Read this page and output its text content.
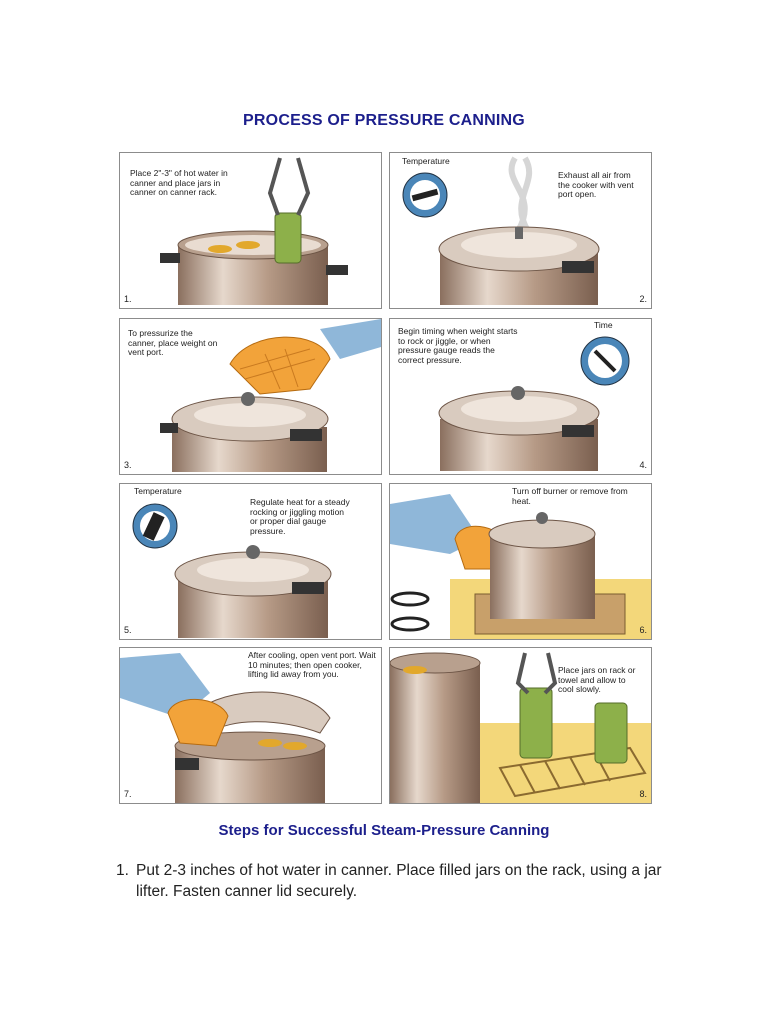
PROCESS OF PRESSURE CANNING
Place 2"-3" of hot water in canner and place jars in canner on canner rack.
1.
Temperature
Exhaust all air from the cooker with vent port open.
2.
To pressurize the canner, place weight on vent port.
3.
Begin timing when weight starts to rock or jiggle, or when pressure gauge reads the correct pressure.
Time
4.
Temperature
Regulate heat for a steady rocking or jiggling motion or proper dial gauge pressure.
5.
Turn off burner or remove from heat.
6.
After cooling, open vent port. Wait 10 minutes; then open cooker, lifting lid away from you.
7.
Place jars on rack or towel and allow to cool slowly.
8.
Steps for Successful Steam-Pressure Canning
1. Put 2-3 inches of hot water in canner. Place filled jars on the rack, using a jar lifter. Fasten canner lid securely.
